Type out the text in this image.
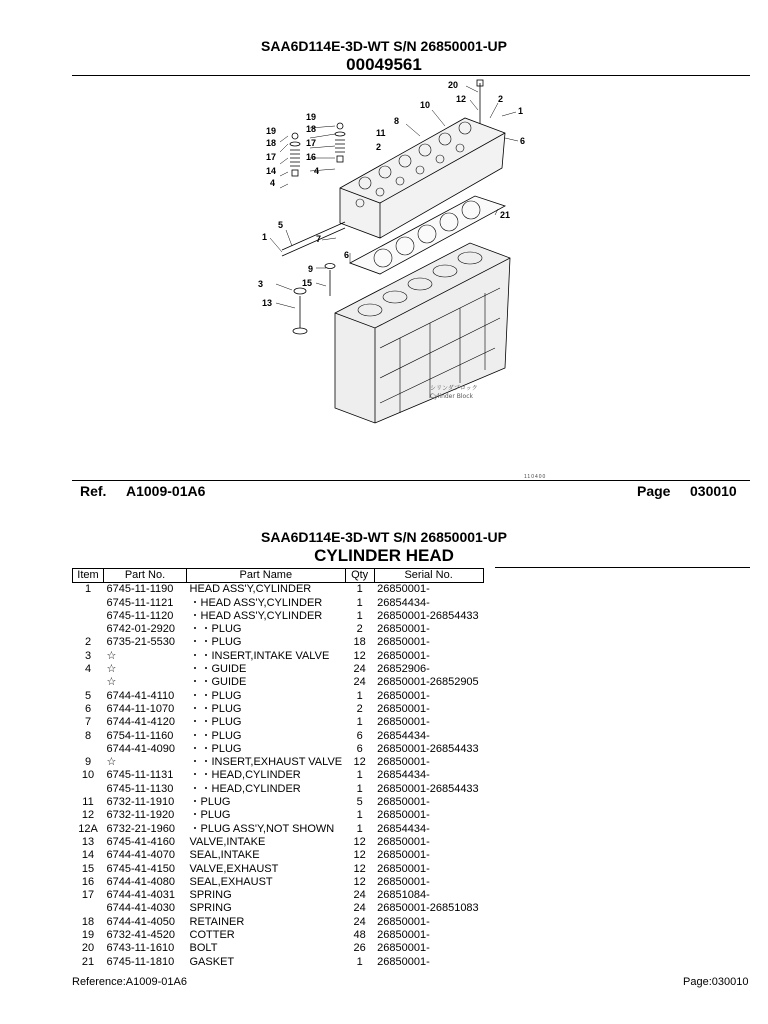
SAA6D114E-3D-WT S/N 26850001-UP
00049561
20
12	2
1
10
8
19
18
17
16
11
2
6
4
19
18
17
14
4
5
21
1	7
6
9
3	15
13
シリンダブロック
Cylinder Block
110400
Ref. A1009-01A6	Page 030010
SAA6D114E-3D-WT S/N 26850001-UP
CYLINDER HEAD
Item	Part No.	Part Name	Qty	Serial No.
1	6745-11-1190	HEAD ASS'Y,CYLINDER	1	26850001-
	6745-11-1121	・HEAD ASS'Y,CYLINDER	1	26854434-
	6745-11-1120	・HEAD ASS'Y,CYLINDER	1	26850001-26854433
	6742-01-2920	・・PLUG	2	26850001-
2	6735-21-5530	・・PLUG	18	26850001-
3	☆	・・INSERT,INTAKE VALVE	12	26850001-
4	☆	・・GUIDE	24	26852906-
	☆	・・GUIDE	24	26850001-26852905
5	6744-41-4110	・・PLUG	1	26850001-
6	6744-11-1070	・・PLUG	2	26850001-
7	6744-41-4120	・・PLUG	1	26850001-
8	6754-11-1160	・・PLUG	6	26854434-
	6744-41-4090	・・PLUG	6	26850001-26854433
9	☆	・・INSERT,EXHAUST VALVE	12	26850001-
10	6745-11-1131	・・HEAD,CYLINDER	1	26854434-
	6745-11-1130	・・HEAD,CYLINDER	1	26850001-26854433
11	6732-11-1910	・PLUG	5	26850001-
12	6732-11-1920	・PLUG	1	26850001-
12A	6732-21-1960	・PLUG ASS'Y,NOT SHOWN	1	26854434-
13	6745-41-4160	VALVE,INTAKE	12	26850001-
14	6744-41-4070	SEAL,INTAKE	12	26850001-
15	6745-41-4150	VALVE,EXHAUST	12	26850001-
16	6744-41-4080	SEAL,EXHAUST	12	26850001-
17	6744-41-4031	SPRING	24	26851084-
	6744-41-4030	SPRING	24	26850001-26851083
18	6744-41-4050	RETAINER	24	26850001-
19	6732-41-4520	COTTER	48	26850001-
20	6743-11-1610	BOLT	26	26850001-
21	6745-11-1810	GASKET	1	26850001-
Reference:A1009-01A6	Page:030010
